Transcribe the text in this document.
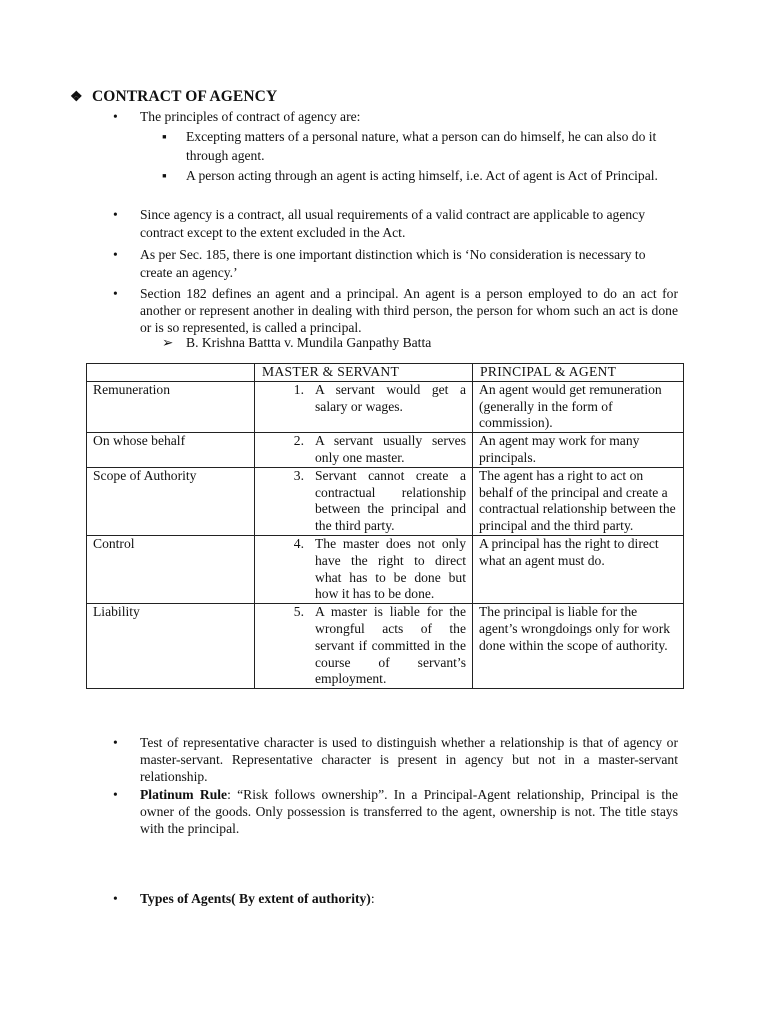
❖ CONTRACT OF AGENCY
• The principles of contract of agency are:
▪ Excepting matters of a personal nature, what a person can do himself, he can also do it through agent.
▪ A person acting through an agent is acting himself, i.e. Act of agent is Act of Principal.
• Since agency is a contract, all usual requirements of a valid contract are applicable to agency contract except to the extent excluded in the Act.
• As per Sec. 185, there is one important distinction which is ‘No consideration is necessary to create an agency.’
• Section 182 defines an agent and a principal. An agent is a person employed to do an act for another or represent another in dealing with third person, the person for whom such an act is done or is so represented, is called a principal.
➢ B. Krishna Battta v. Mundila Ganpathy Batta
	MASTER & SERVANT	PRINCIPAL & AGENT
Remuneration	1. A servant would get a salary or wages.	An agent would get remuneration (generally in the form of commission).
On whose behalf	2. A servant usually serves only one master.	An agent may work for many principals.
Scope of Authority	3. Servant cannot create a contractual relationship between the principal and the third party.	The agent has a right to act on behalf of the principal and create a contractual relationship between the principal and the third party.
Control	4. The master does not only have the right to direct what has to be done but how it has to be done.	A principal has the right to direct what an agent must do.
Liability	5. A master is liable for the wrongful acts of the servant if committed in the course of servant’s employment.	The principal is liable for the agent’s wrongdoings only for work done within the scope of authority.
• Test of representative character is used to distinguish whether a relationship is that of agency or master-servant. Representative character is present in agency but not in a master-servant relationship.
• Platinum Rule: “Risk follows ownership”. In a Principal-Agent relationship, Principal is the owner of the goods. Only possession is transferred to the agent, ownership is not. The title stays with the principal.
• Types of Agents( By extent of authority):
